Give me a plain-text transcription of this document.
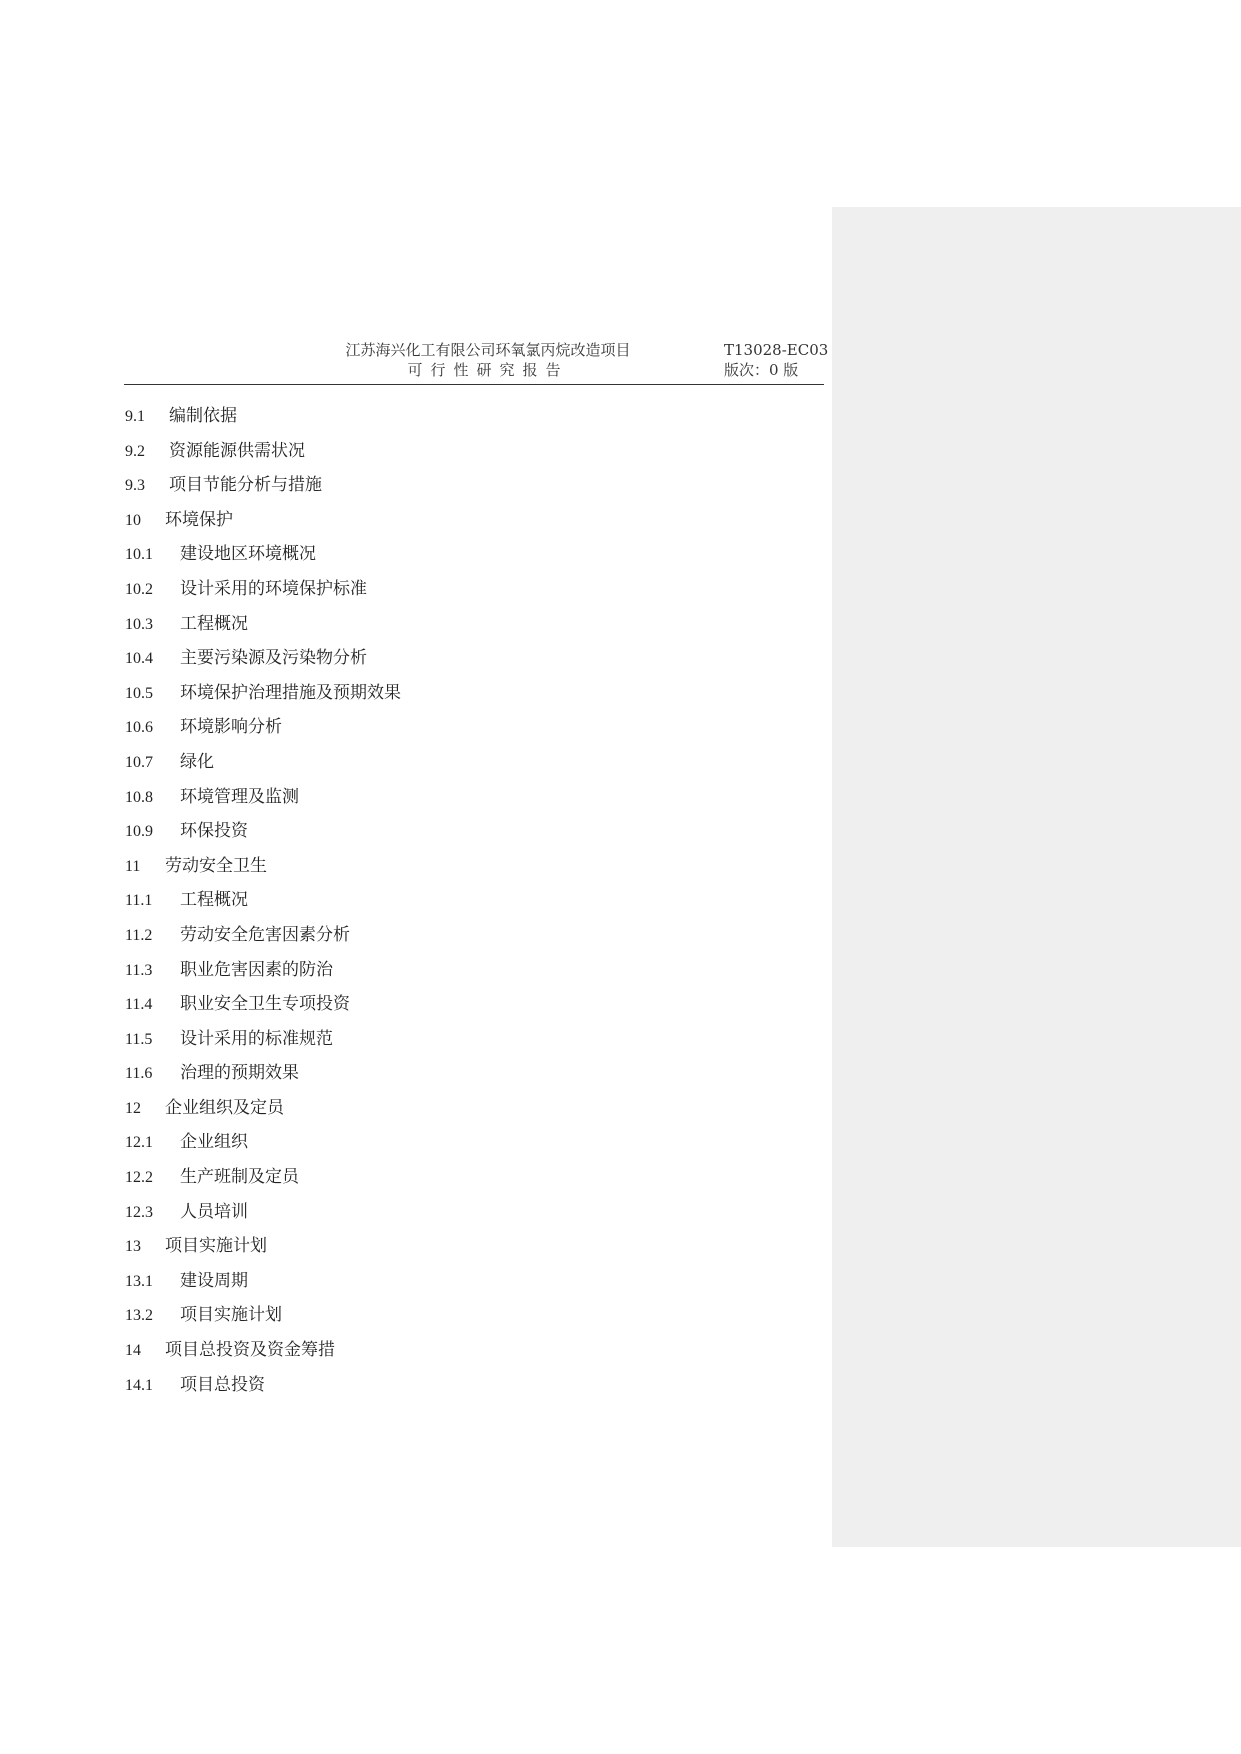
江苏海兴化工有限公司环氧氯丙烷改造项目
可行性研究报告
T13028-EC03
版次：0 版
9.1 编制依据
9.2 资源能源供需状况
9.3 项目节能分析与措施
10 环境保护
10.1 建设地区环境概况
10.2 设计采用的环境保护标准
10.3 工程概况
10.4 主要污染源及污染物分析
10.5 环境保护治理措施及预期效果
10.6 环境影响分析
10.7 绿化
10.8 环境管理及监测
10.9 环保投资
11 劳动安全卫生
11.1 工程概况
11.2 劳动安全危害因素分析
11.3 职业危害因素的防治
11.4 职业安全卫生专项投资
11.5 设计采用的标准规范
11.6 治理的预期效果
12 企业组织及定员
12.1 企业组织
12.2 生产班制及定员
12.3 人员培训
13 项目实施计划
13.1 建设周期
13.2 项目实施计划
14 项目总投资及资金筹措
14.1 项目总投资
